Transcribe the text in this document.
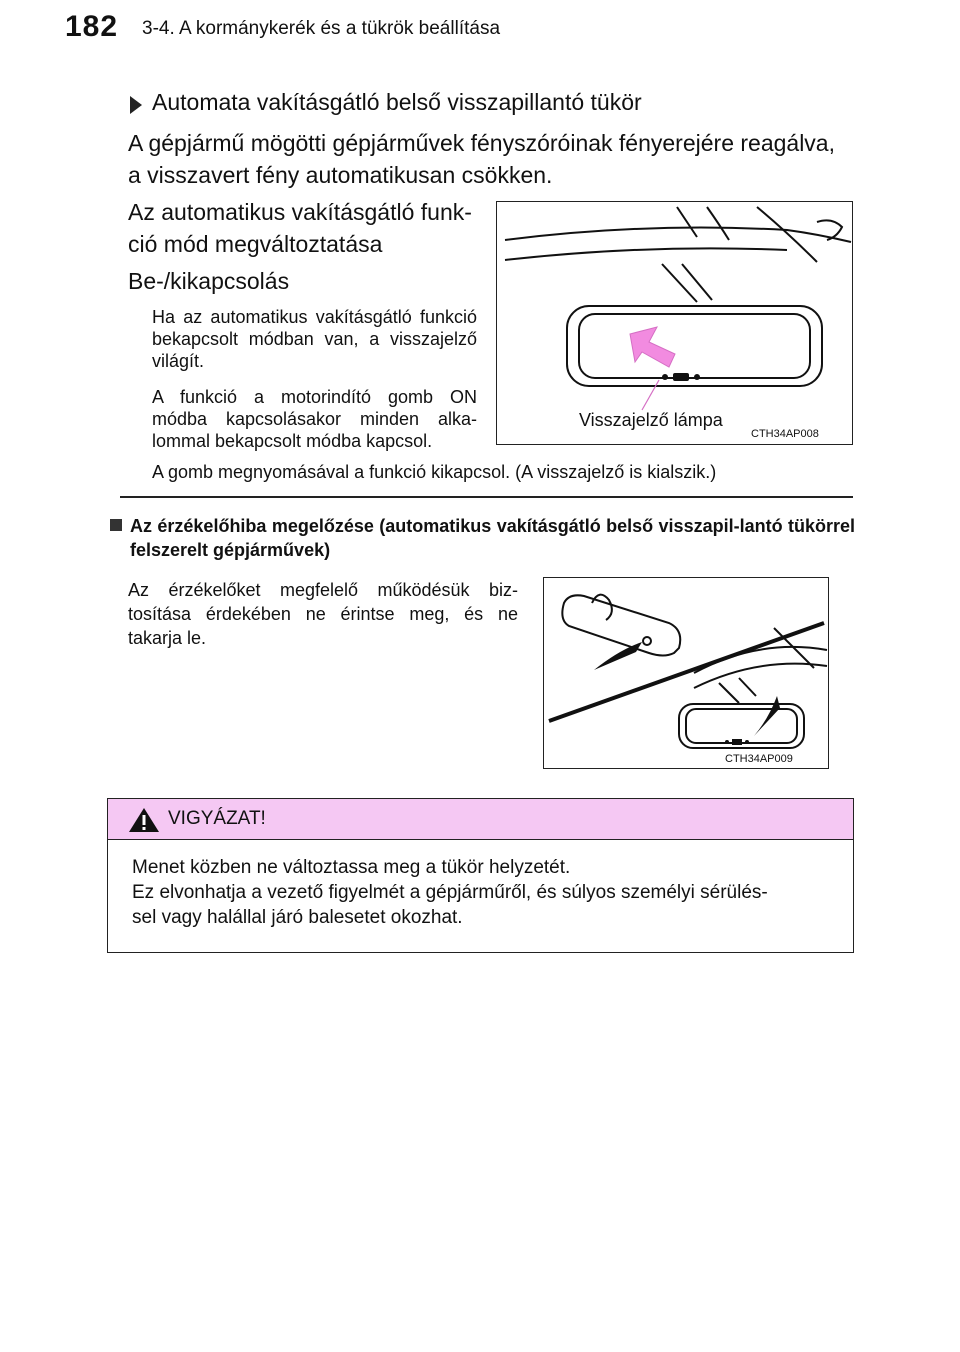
182 3-4. A kormánykerék és a tükrök beállítása
Automata vakításgátló belső visszapillantó tükör
A gépjármű mögötti gépjárművek fényszóróinak fényerejére reagálva,
a visszavert fény automatikusan csökken.
Az automatikus vakításgátló funk-
ció mód megváltoztatása
Be-/kikapcsolás
Ha az automatikus vakításgátló funkció bekapcsolt módban van, a visszajelző világít.
A funkció a motorindító gomb ON módba kapcsolásakor minden alka-lommal bekapcsolt módba kapcsol.
A gomb megnyomásával a funkció kikapcsol. (A visszajelző is kialszik.)
Visszajelző lámpa
CTH34AP008
Az érzékelőhiba megelőzése (automatikus vakításgátló belső visszapil-lantó tükörrel felszerelt gépjárművek)
Az érzékelőket megfelelő működésük biz-tosítása érdekében ne érintse meg, és ne takarja le.
CTH34AP009
VIGYÁZAT!
Menet közben ne változtassa meg a tükör helyzetét.
Ez elvonhatja a vezető figyelmét a gépjárműről, és súlyos személyi sérülés-
sel vagy halállal járó balesetet okozhat.
